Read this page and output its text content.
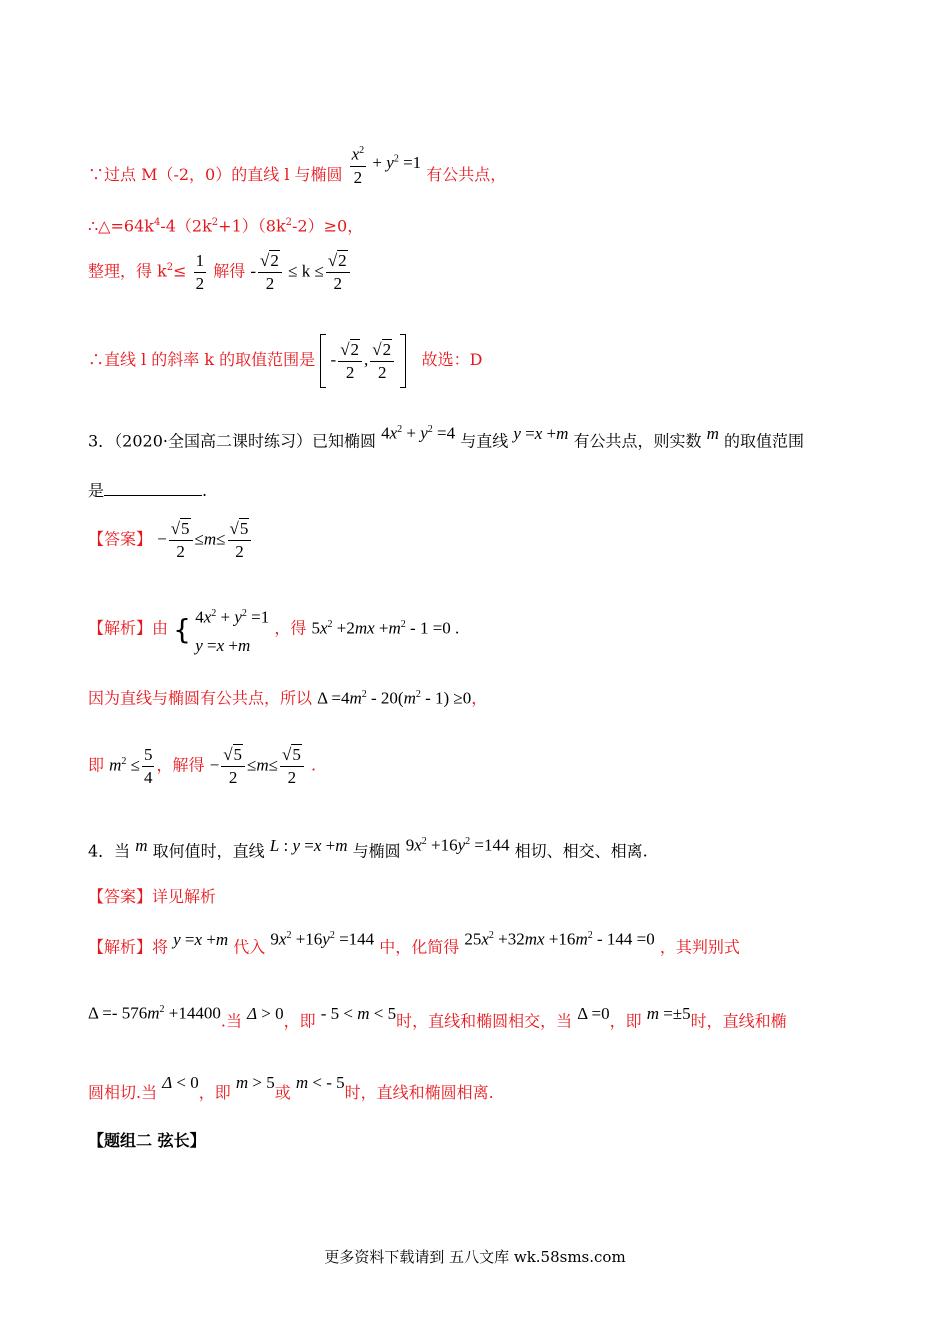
∵过点 M（-2，0）的直线 l 与椭圆 $\frac{x^2}{2} + y^2 =1$ 有公共点，
$\therefore\triangle=64k^4-4(2k^2+1)(8k^2-2)\ge 0$，
整理，得 $k^2\le \frac{1}{2}$ 解得 - $\frac{√2}{2} \le k \le \frac{√2}{2}$
∴直线 l 的斜率 k 的取值范围是  - $\frac{√2}{2}$ , $\frac{√2}{2}$ 故选：D
3．（2020·全国高二课时练习）已知椭圆 $4x^2 + y^2 =4$ 与直线 y =x +m 有公共点，则实数 m 的取值范围
是	.
【答案】 − $\frac{√5}{2} \le m\le \frac{√5}{2}$
【解析】由 { $4x^2 + y^2 =1$
y =x +m
，得 $5x^2 +2mx +m^2 - 1 =0$ .
因为直线与椭圆有公共点，所以 $\Delta =4m^2 - 20(m^2 - 1) \ge 0$，
即 $m^2 \le \frac{5}{4}$ ，解得 − $\frac{√5}{2} \le m\le \frac{√5}{2}$ .
4．当 m 取何值时，直线 L : y =x +m 与椭圆 $9x^2 +16y^2 =144$ 相切、相交、相离.
【答案】详见解析
【解析】将 y =x +m 代入 $9x^2 +16y^2 =144$ 中，化简得 $25x^2 +32mx +16m^2 - 144 =0$ ，其判别式
$\Delta =- 576m^2 +14400$.当 Δ > 0，即 - 5 < m < 5时，直线和椭圆相交，当 Δ =0，即 m =±5时，直线和椭
圆相切.当 Δ < 0，即 m > 5或 m < - 5时，直线和椭圆相离.
【题组二 弦长】
更多资料下载请到 五八文库 wk.58sms.com
